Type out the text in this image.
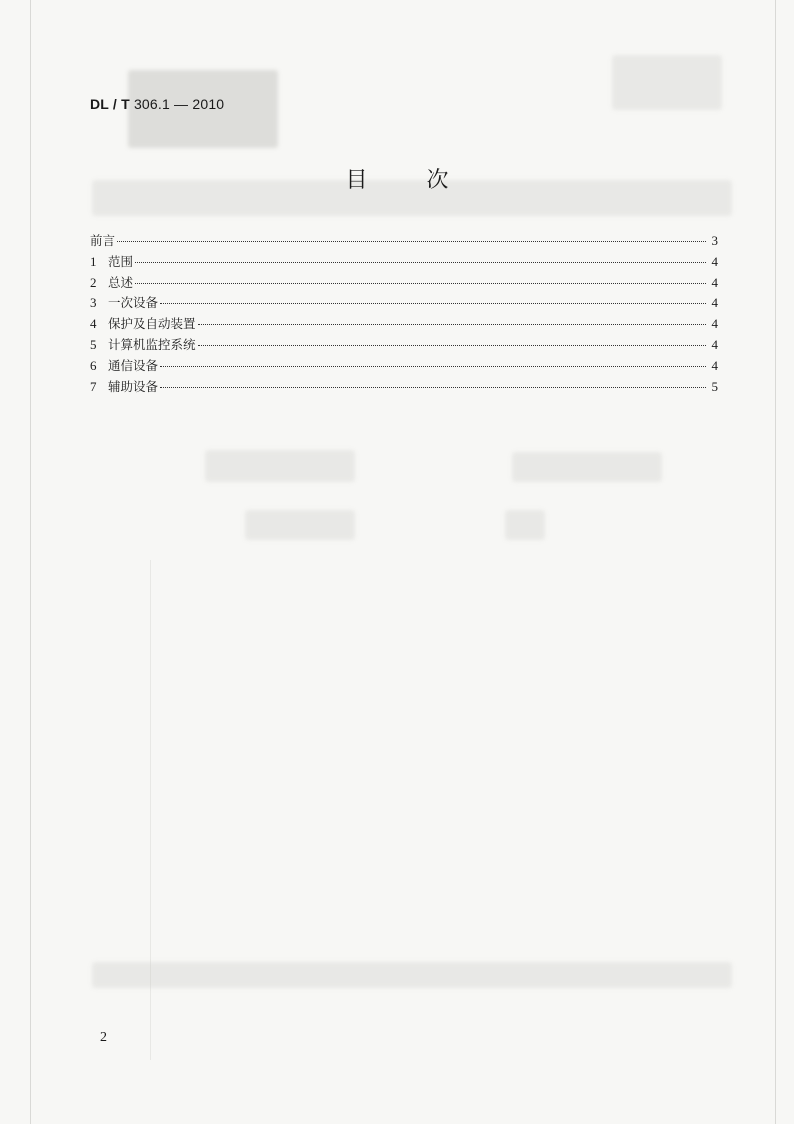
DL / T 306.1 — 2010
目	次
前言	3
1 范围	4
2 总述	4
3 一次设备	4
4 保护及自动装置	4
5 计算机监控系统	4
6 通信设备	4
7 辅助设备	5
2
